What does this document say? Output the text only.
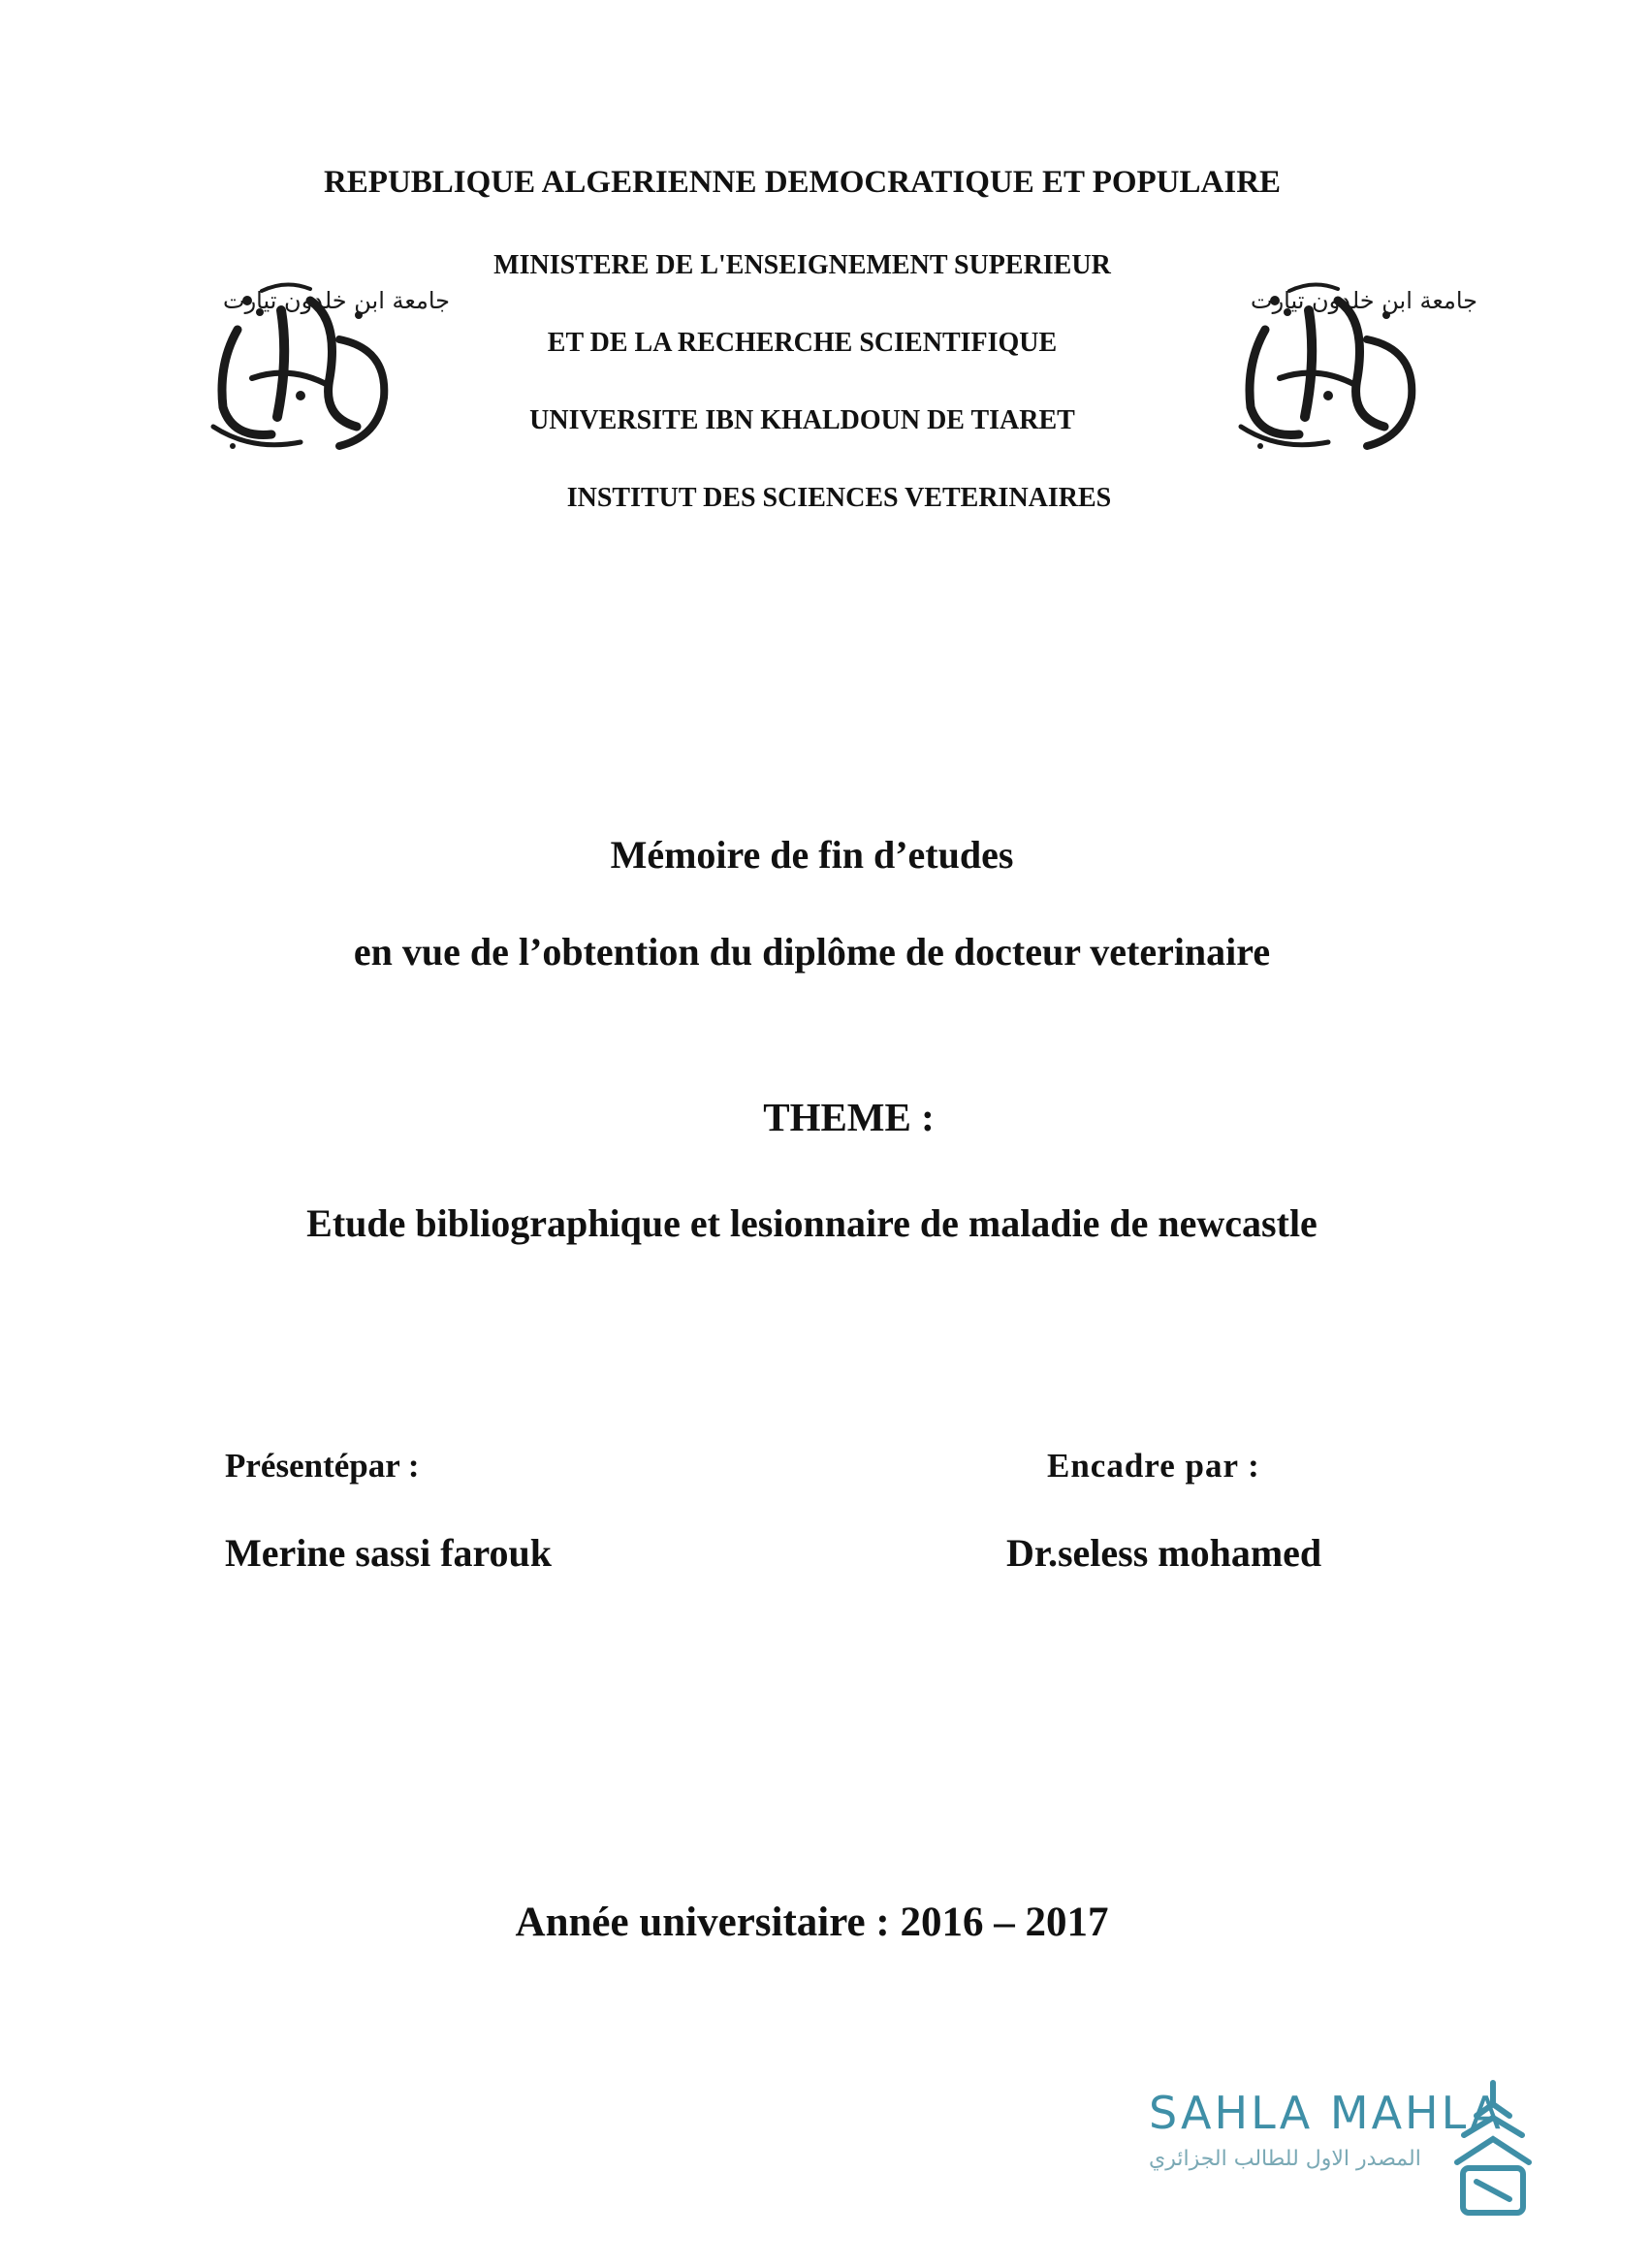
REPUBLIQUE ALGERIENNE DEMOCRATIQUE ET POPULAIRE
MINISTERE DE L'ENSEIGNEMENT SUPERIEUR
ET DE LA RECHERCHE SCIENTIFIQUE
UNIVERSITE IBN KHALDOUN DE TIARET
INSTITUT DES SCIENCES VETERINAIRES
جامعة ابن خلدون تيارت	جامعة ابن خلدون تيارت
Mémoire de fin d’etudes
en vue de l’obtention du diplôme de docteur veterinaire
THEME :
Etude bibliographique et lesionnaire de maladie de newcastle
Présentépar :
Merine sassi farouk
Encadre par :
Dr.seless mohamed
Année universitaire : 2016 – 2017
SAHLA MAHLA
المصدر الاول للطالب الجزائري
